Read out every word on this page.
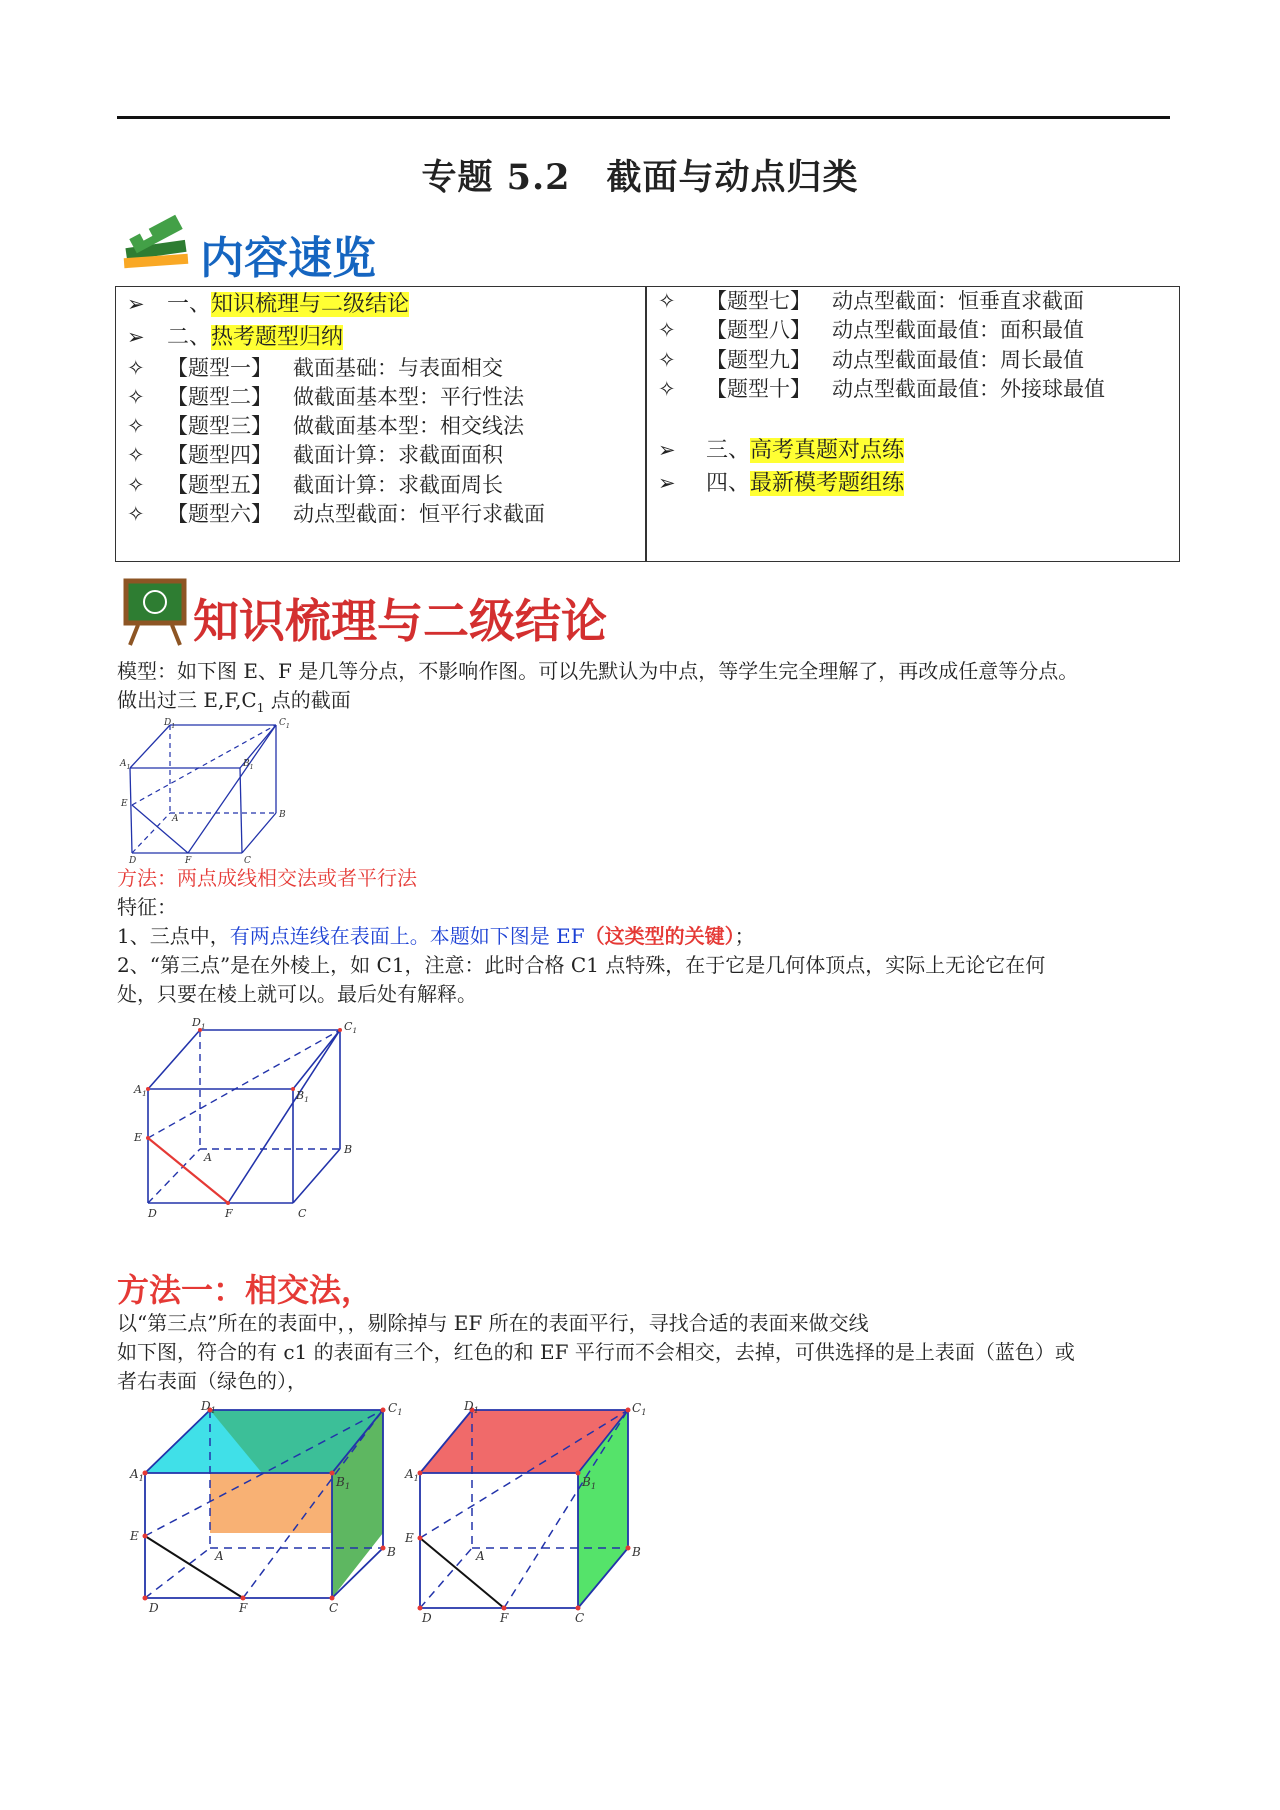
专题 5.2　截面与动点归类
内容速览
➢ 一、知识梳理与二级结论
➢ 二、热考题型归纳
✧ 【题型一】 截面基础：与表面相交
✧ 【题型二】 做截面基本型：平行性法
✧ 【题型三】 做截面基本型：相交线法
✧ 【题型四】 截面计算：求截面面积
✧ 【题型五】 截面计算：求截面周长
✧ 【题型六】 动点型截面：恒平行求截面
✧ 【题型七】 动点型截面：恒垂直求截面
✧ 【题型八】 动点型截面最值：面积最值
✧ 【题型九】 动点型截面最值：周长最值
✧ 【题型十】 动点型截面最值：外接球最值
➢ 三、高考真题对点练
➢ 四、最新模考题组练
知识梳理与二级结论
模型：如下图 E、F 是几等分点，不影响作图。可以先默认为中点，等学生完全理解了，再改成任意等分点。
做出过三 $E,F,C_1$ 点的截面
$D_1$	$C_1$
$A_1$	$B_1$
E
A	B
D	F	C
方法：两点成线相交法或者平行法
特征：
1、三点中，有两点连线在表面上。本题如下图是 EF（这类型的关键）；
2、“第三点”是在外棱上，如 C1，注意：此时合格 C1 点特殊，在于它是几何体顶点，实际上无论它在何
处，只要在棱上就可以。最后处有解释。
$D_1$	$C_1$
$A_1$	$B_1$
E
A
B
D	F	C
方法一：相交法，
以“第三点”所在的表面中，，剔除掉与 EF 所在的表面平行，寻找合适的表面来做交线
如下图，符合的有 c1 的表面有三个，红色的和 EF 平行而不会相交，去掉，可供选择的是上表面（蓝色）或
者右表面（绿色的），
$D_1$	$C_1$
$A_1$	$B_1$
E
A	B
D	F	C
$D_1$	$C_1$
$A_1$	$B_1$
E
A	B
D	F	C
